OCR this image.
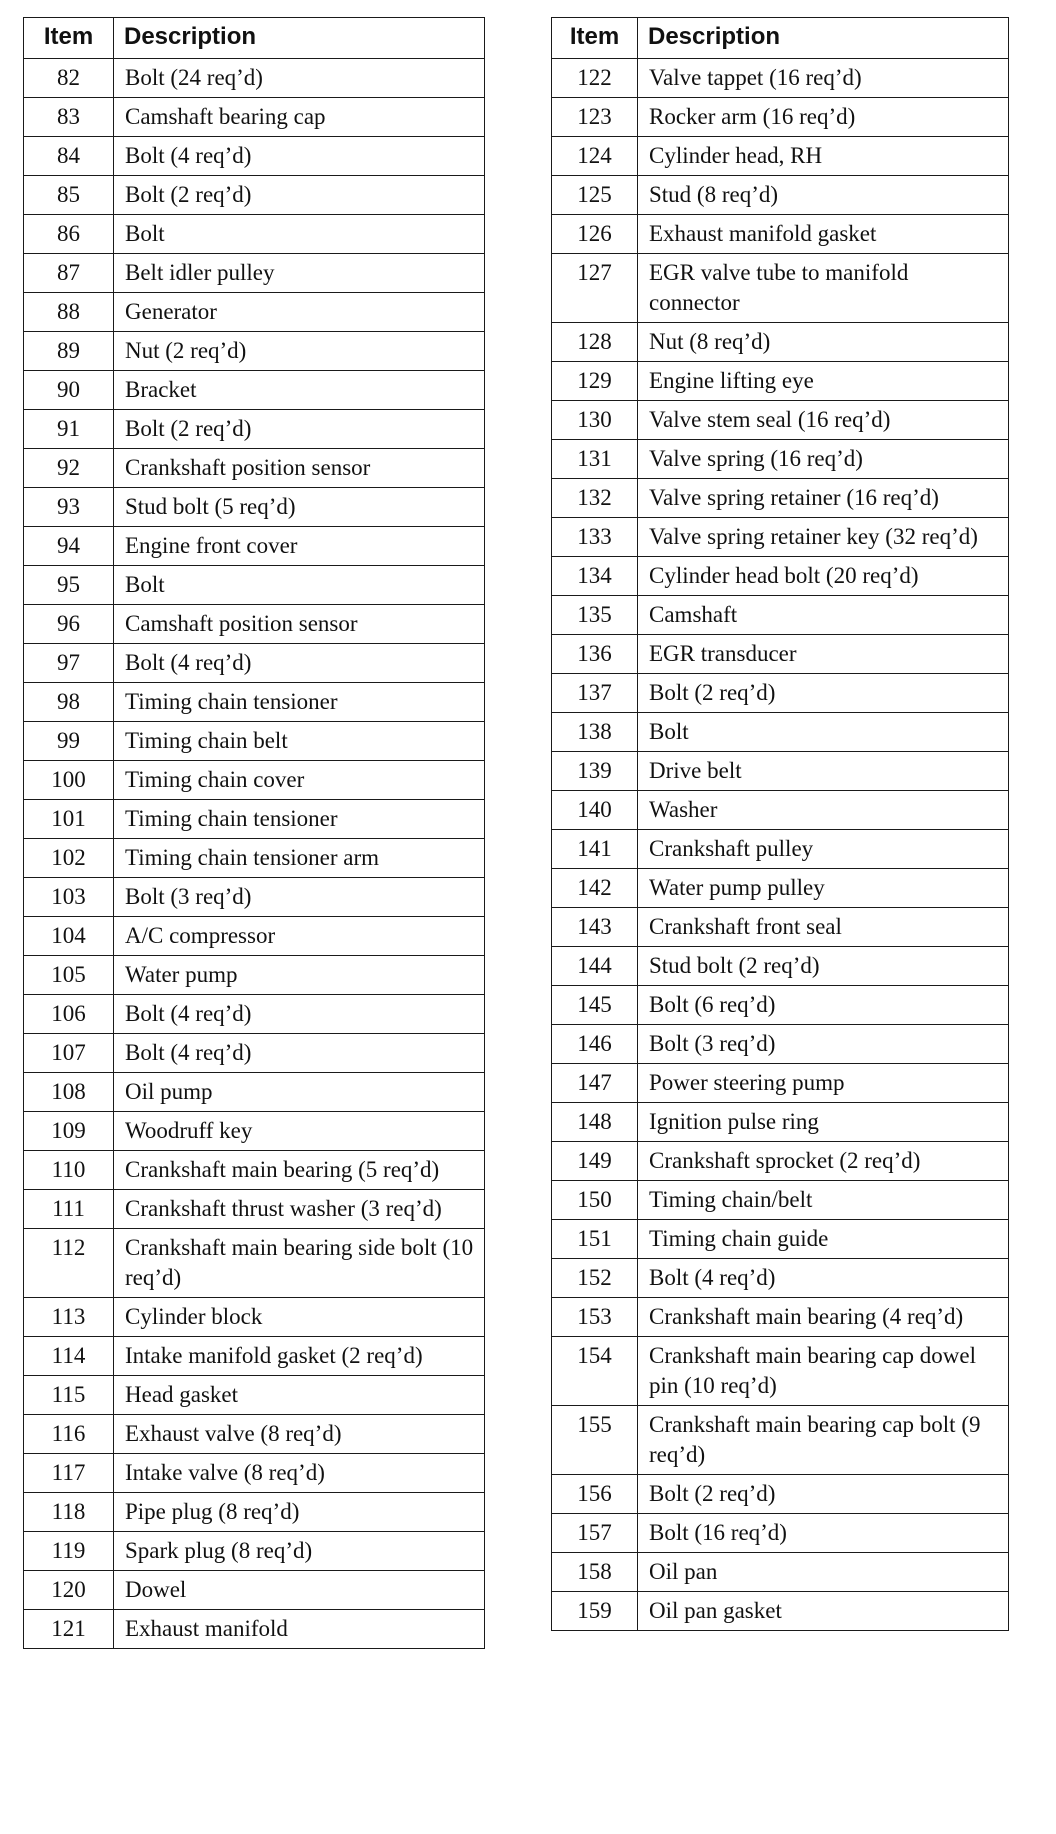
Item	Description
82	Bolt (24 req’d)
83	Camshaft bearing cap
84	Bolt (4 req’d)
85	Bolt (2 req’d)
86	Bolt
87	Belt idler pulley
88	Generator
89	Nut (2 req’d)
90	Bracket
91	Bolt (2 req’d)
92	Crankshaft position sensor
93	Stud bolt (5 req’d)
94	Engine front cover
95	Bolt
96	Camshaft position sensor
97	Bolt (4 req’d)
98	Timing chain tensioner
99	Timing chain belt
100	Timing chain cover
101	Timing chain tensioner
102	Timing chain tensioner arm
103	Bolt (3 req’d)
104	A/C compressor
105	Water pump
106	Bolt (4 req’d)
107	Bolt (4 req’d)
108	Oil pump
109	Woodruff key
110	Crankshaft main bearing (5 req’d)
111	Crankshaft thrust washer (3 req’d)
112	Crankshaft main bearing side bolt (10 req’d)
113	Cylinder block
114	Intake manifold gasket (2 req’d)
115	Head gasket
116	Exhaust valve (8 req’d)
117	Intake valve (8 req’d)
118	Pipe plug (8 req’d)
119	Spark plug (8 req’d)
120	Dowel
121	Exhaust manifold
Item	Description
122	Valve tappet (16 req’d)
123	Rocker arm (16 req’d)
124	Cylinder head, RH
125	Stud (8 req’d)
126	Exhaust manifold gasket
127	EGR valve tube to manifold connector
128	Nut (8 req’d)
129	Engine lifting eye
130	Valve stem seal (16 req’d)
131	Valve spring (16 req’d)
132	Valve spring retainer (16 req’d)
133	Valve spring retainer key (32 req’d)
134	Cylinder head bolt (20 req’d)
135	Camshaft
136	EGR transducer
137	Bolt (2 req’d)
138	Bolt
139	Drive belt
140	Washer
141	Crankshaft pulley
142	Water pump pulley
143	Crankshaft front seal
144	Stud bolt (2 req’d)
145	Bolt (6 req’d)
146	Bolt (3 req’d)
147	Power steering pump
148	Ignition pulse ring
149	Crankshaft sprocket (2 req’d)
150	Timing chain/belt
151	Timing chain guide
152	Bolt (4 req’d)
153	Crankshaft main bearing (4 req’d)
154	Crankshaft main bearing cap dowel pin (10 req’d)
155	Crankshaft main bearing cap bolt (9 req’d)
156	Bolt (2 req’d)
157	Bolt (16 req’d)
158	Oil pan
159	Oil pan gasket
